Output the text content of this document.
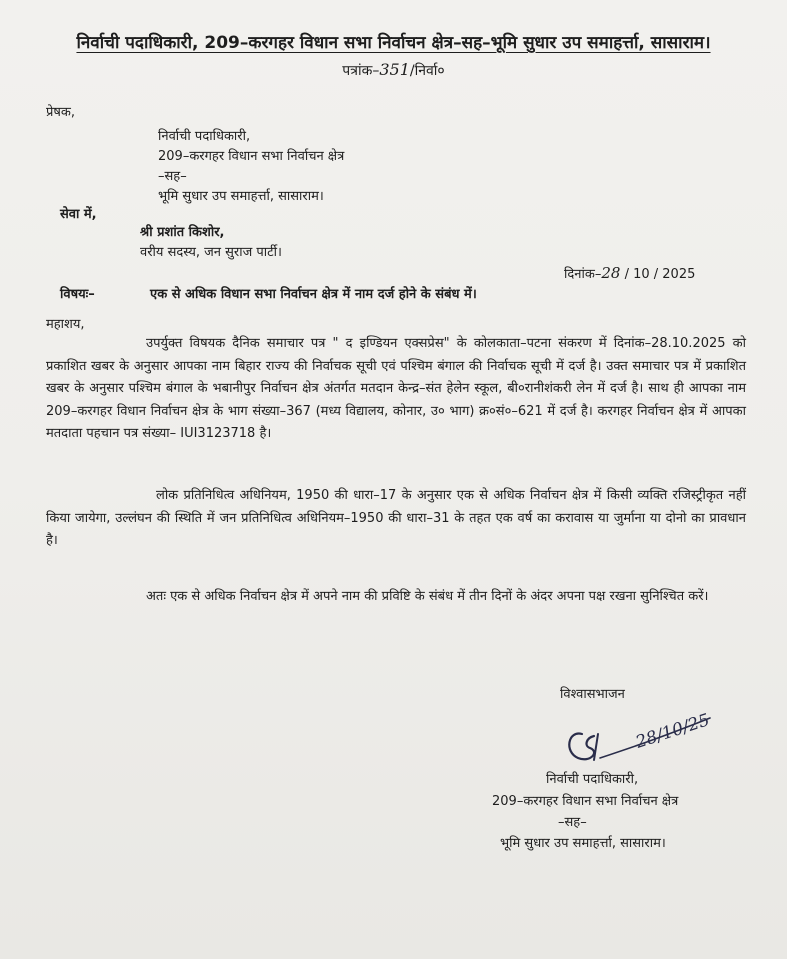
निर्वाची पदाधिकारी, 209–करगहर विधान सभा निर्वाचन क्षेत्र–सह–भूमि सुधार उप समाहर्त्ता, सासाराम।
पत्रांक–351/निर्वा०
प्रेषक,
निर्वाची पदाधिकारी,
209–करगहर विधान सभा निर्वाचन क्षेत्र
–सह–
भूमि सुधार उप समाहर्त्ता, सासाराम।
सेवा में,
श्री प्रशांत किशोर,
वरीय सदस्य, जन सुराज पार्टी।
दिनांक–28 / 10 / 2025
विषयः–	एक से अधिक विधान सभा निर्वाचन क्षेत्र में नाम दर्ज होने के संबंध में।
महाशय,

उपर्युक्त विषयक दैनिक समाचार पत्र " द इण्डियन एक्सप्रेस" के कोलकाता–पटना संकरण में दिनांक–28.10.2025 को प्रकाशित खबर के अनुसार आपका नाम बिहार राज्य की निर्वाचक सूची एवं पश्चिम बंगाल की निर्वाचक सूची में दर्ज है। उक्त समाचार पत्र में प्रकाशित खबर के अनुसार पश्चिम बंगाल के भबानीपुर निर्वाचन क्षेत्र अंतर्गत मतदान केन्द्र–संत हेलेन स्कूल, बी०रानीशंकरी लेन में दर्ज है। साथ ही आपका नाम 209–करगहर विधान निर्वाचन क्षेत्र के भाग संख्या–367 (मध्य विद्यालय, कोनार, उ० भाग) क्र०सं०–621 में दर्ज है। करगहर निर्वाचन क्षेत्र में आपका मतदाता पहचान पत्र संख्या– IUI3123718 है।

लोक प्रतिनिधित्व अधिनियम, 1950 की धारा–17 के अनुसार एक से अधिक निर्वाचन क्षेत्र में किसी व्यक्ति रजिस्ट्रीकृत नहीं किया जायेगा, उल्लंघन की स्थिति में जन प्रतिनिधित्व अधिनियम–1950 की धारा–31 के तहत एक वर्ष का करावास या जुर्माना या दोनो का प्रावधान है।

अतः एक से अधिक निर्वाचन क्षेत्र में अपने नाम की प्रविष्टि के संबंध में तीन दिनों के अंदर अपना पक्ष रखना सुनिश्चित करें।

विश्वासभाजन
28/10/25
निर्वाची पदाधिकारी,
209–करगहर विधान सभा निर्वाचन क्षेत्र
–सह–
भूमि सुधार उप समाहर्त्ता, सासाराम।
